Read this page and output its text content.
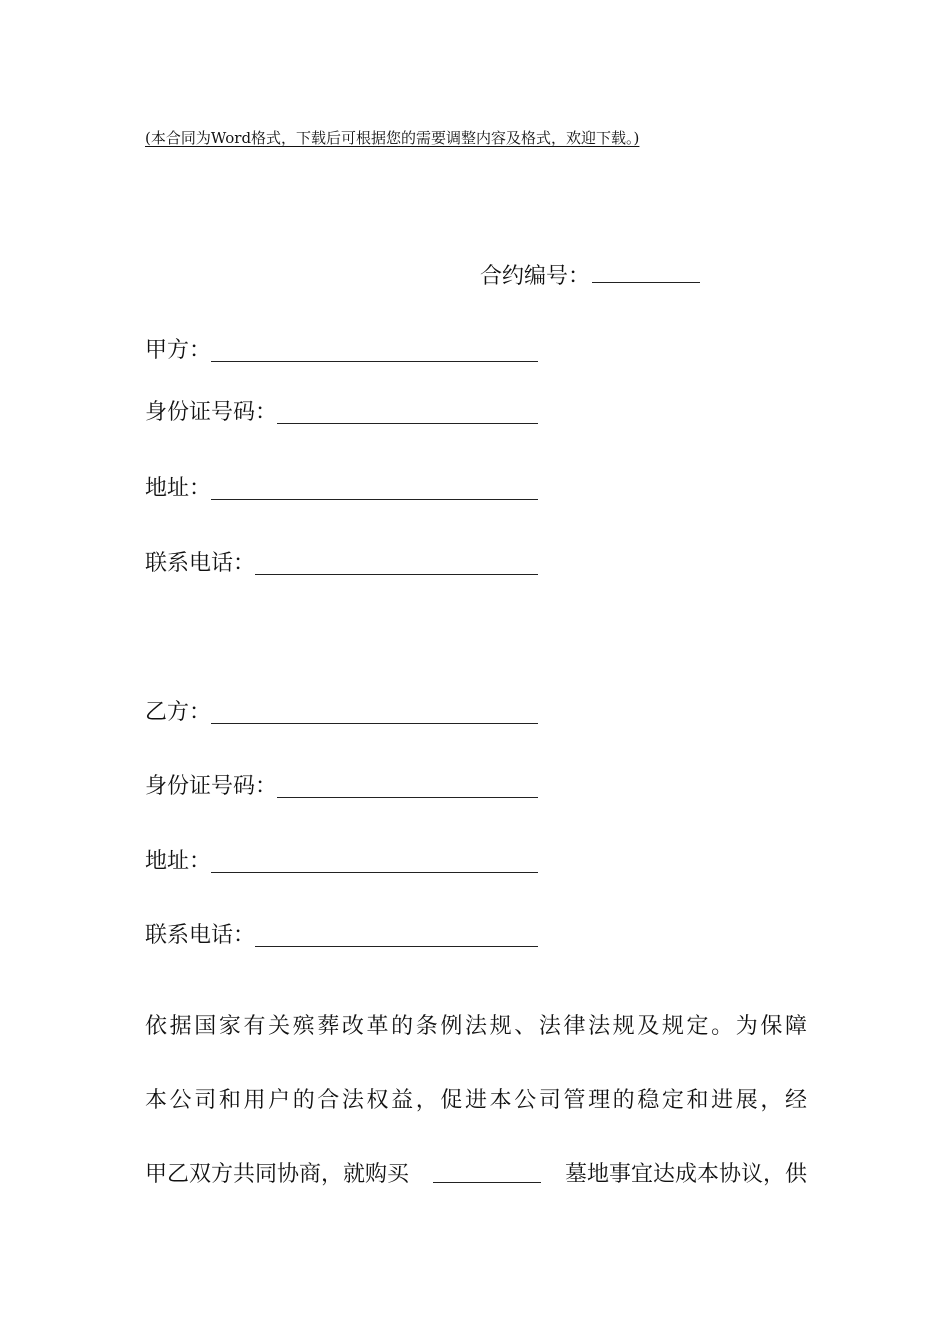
(本合同为Word格式，下载后可根据您的需要调整内容及格式，欢迎下载。)
合约编号：
甲方：
身份证号码：
地址：
联系电话：
乙方：
身份证号码：
地址：
联系电话：
依据国家有关殡葬改革的条例法规、法律法规及规定。为保障
本公司和用户的合法权益，促进本公司管理的稳定和进展，经
甲乙双方共同协商，就购买	墓地事宜达成本协议，供
